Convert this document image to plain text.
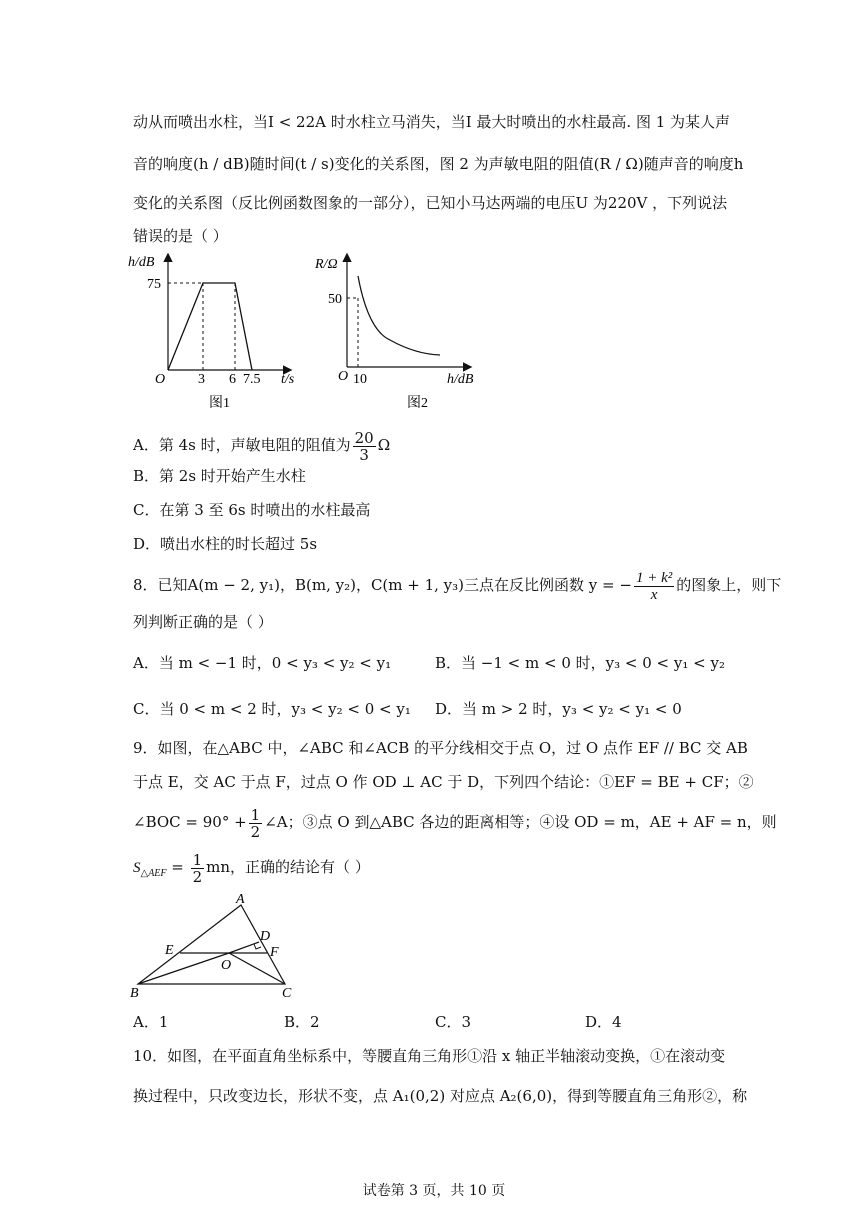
动从而喷出水柱，当I < 22A 时水柱立马消失，当I 最大时喷出的水柱最高. 图 1 为某人声
音的响度(h / dB)随时间(t / s)变化的关系图，图 2 为声敏电阻的阻值(R / Ω)随声音的响度h
变化的关系图（反比例函数图象的一部分），已知小马达两端的电压U 为220V ，下列说法
错误的是（ ）
h/dB
75
O 3 6 7.5 t/s
图1
R/Ω
50
O 10	h/dB
图2
A．第 4s 时，声敏电阻的阻值为 $\frac{20}{3}$ Ω
B．第 2s 时开始产生水柱
C．在第 3 至 6s 时喷出的水柱最高
D．喷出水柱的时长超过 5s
8．已知A(m − 2, y₁)，B(m, y₂)，C(m + 1, y₃)三点在反比例函数 y = − $\frac{\text{1 + k²}}{x}$ 的图象上，则下
列判断正确的是（ ）
A．当 m < −1 时，0 < y₃ < y₂ < y₁	B．当 −1 < m < 0 时，y₃ < 0 < y₁ < y₂
C．当 0 < m < 2 时，y₃ < y₂ < 0 < y₁ D．当 m > 2 时，y₃ < y₂ < y₁ < 0
9．如图，在△ABC 中，∠ABC 和∠ACB 的平分线相交于点 O，过 O 点作 EF // BC 交 AB
于点 E，交 AC 于点 F，过点 O 作 OD ⊥ AC 于 D，下列四个结论：①EF = BE + CF；②
∠BOC = $90^\circ + \frac{1}{2}$ ∠A；③点 O 到△ABC 各边的距离相等；④设 OD = m，AE + AF = n，则
$S_{\triangle AEF} = \frac{1}{2}$ mn，正确的结论有（ ）
A
B	C
D
E	F
O
A．1	B．2	C．3	D．4
10．如图，在平面直角坐标系中，等腰直角三角形①沿 x 轴正半轴滚动变换，①在滚动变
换过程中，只改变边长，形状不变，点 A₁(0,2) 对应点 A₂(6,0)，得到等腰直角三角形②，称
试卷第 3 页，共 10 页
